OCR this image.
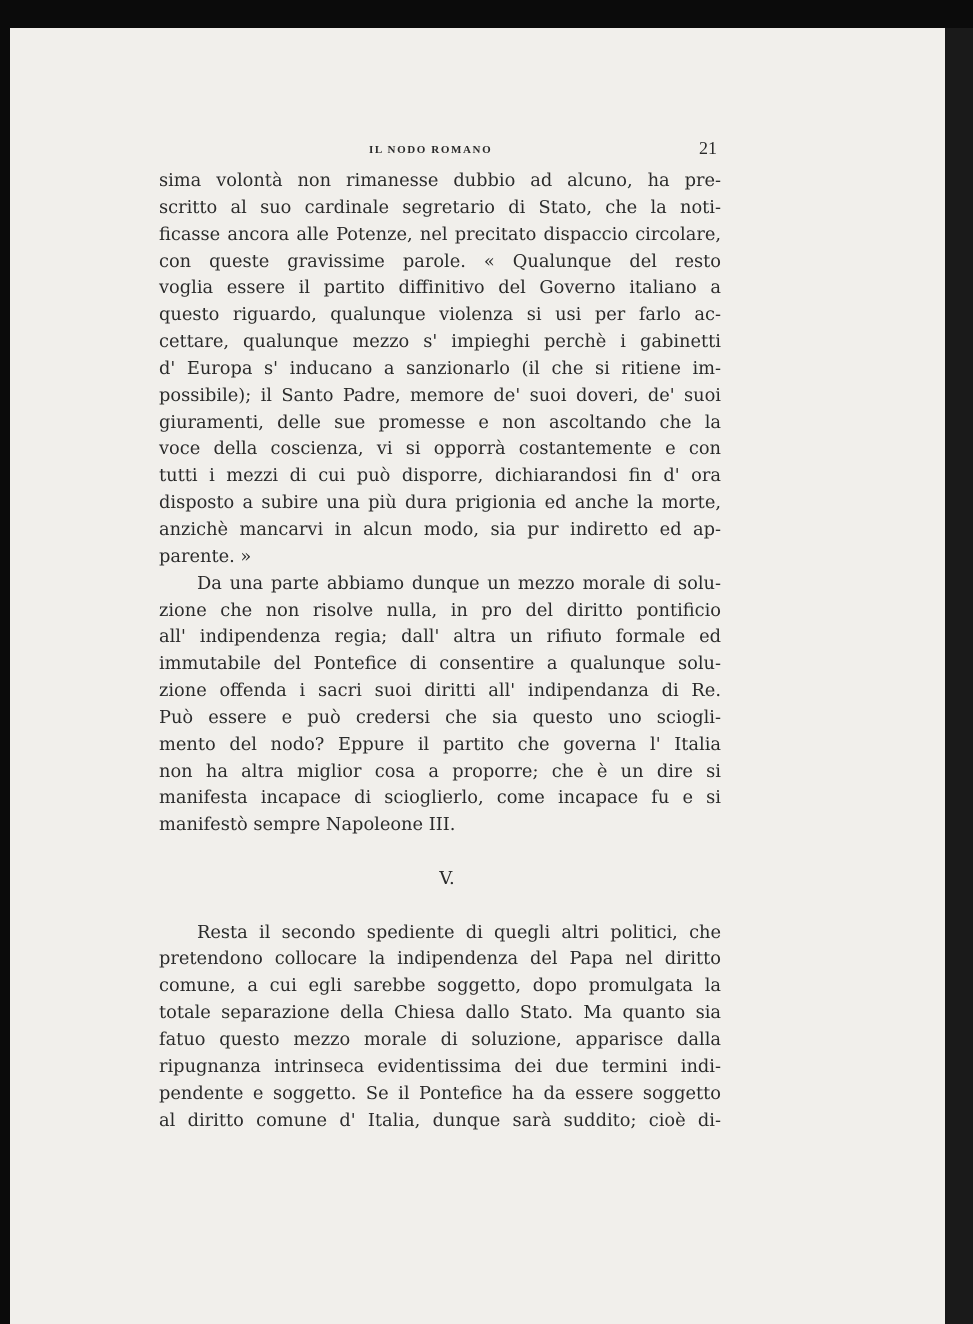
IL NODO ROMANO	21
sima volontà non rimanesse dubbio ad alcuno, ha pre-
scritto al suo cardinale segretario di Stato, che la noti-
ficasse ancora alle Potenze, nel precitato dispaccio circolare,
con queste gravissime parole. « Qualunque del resto
voglia essere il partito diffinitivo del Governo italiano a
questo riguardo, qualunque violenza si usi per farlo ac-
cettare, qualunque mezzo s' impieghi perchè i gabinetti
d' Europa s' inducano a sanzionarlo (il che si ritiene im-
possibile); il Santo Padre, memore de' suoi doveri, de' suoi
giuramenti, delle sue promesse e non ascoltando che la
voce della coscienza, vi si opporrà costantemente e con
tutti i mezzi di cui può disporre, dichiarandosi fin d' ora
disposto a subire una più dura prigionia ed anche la morte,
anzichè mancarvi in alcun modo, sia pur indiretto ed ap-
parente. »
Da una parte abbiamo dunque un mezzo morale di solu-
zione che non risolve nulla, in pro del diritto pontificio
all' indipendenza regia; dall' altra un rifiuto formale ed
immutabile del Pontefice di consentire a qualunque solu-
zione offenda i sacri suoi diritti all' indipendanza di Re.
Può essere e può credersi che sia questo uno sciogli-
mento del nodo? Eppure il partito che governa l' Italia
non ha altra miglior cosa a proporre; che è un dire si
manifesta incapace di scioglierlo, come incapace fu e si
manifestò sempre Napoleone III.
V.
Resta il secondo spediente di quegli altri politici, che
pretendono collocare la indipendenza del Papa nel diritto
comune, a cui egli sarebbe soggetto, dopo promulgata la
totale separazione della Chiesa dallo Stato. Ma quanto sia
fatuo questo mezzo morale di soluzione, apparisce dalla
ripugnanza intrinseca evidentissima dei due termini indi-
pendente e soggetto. Se il Pontefice ha da essere soggetto
al diritto comune d' Italia, dunque sarà suddito; cioè di-
